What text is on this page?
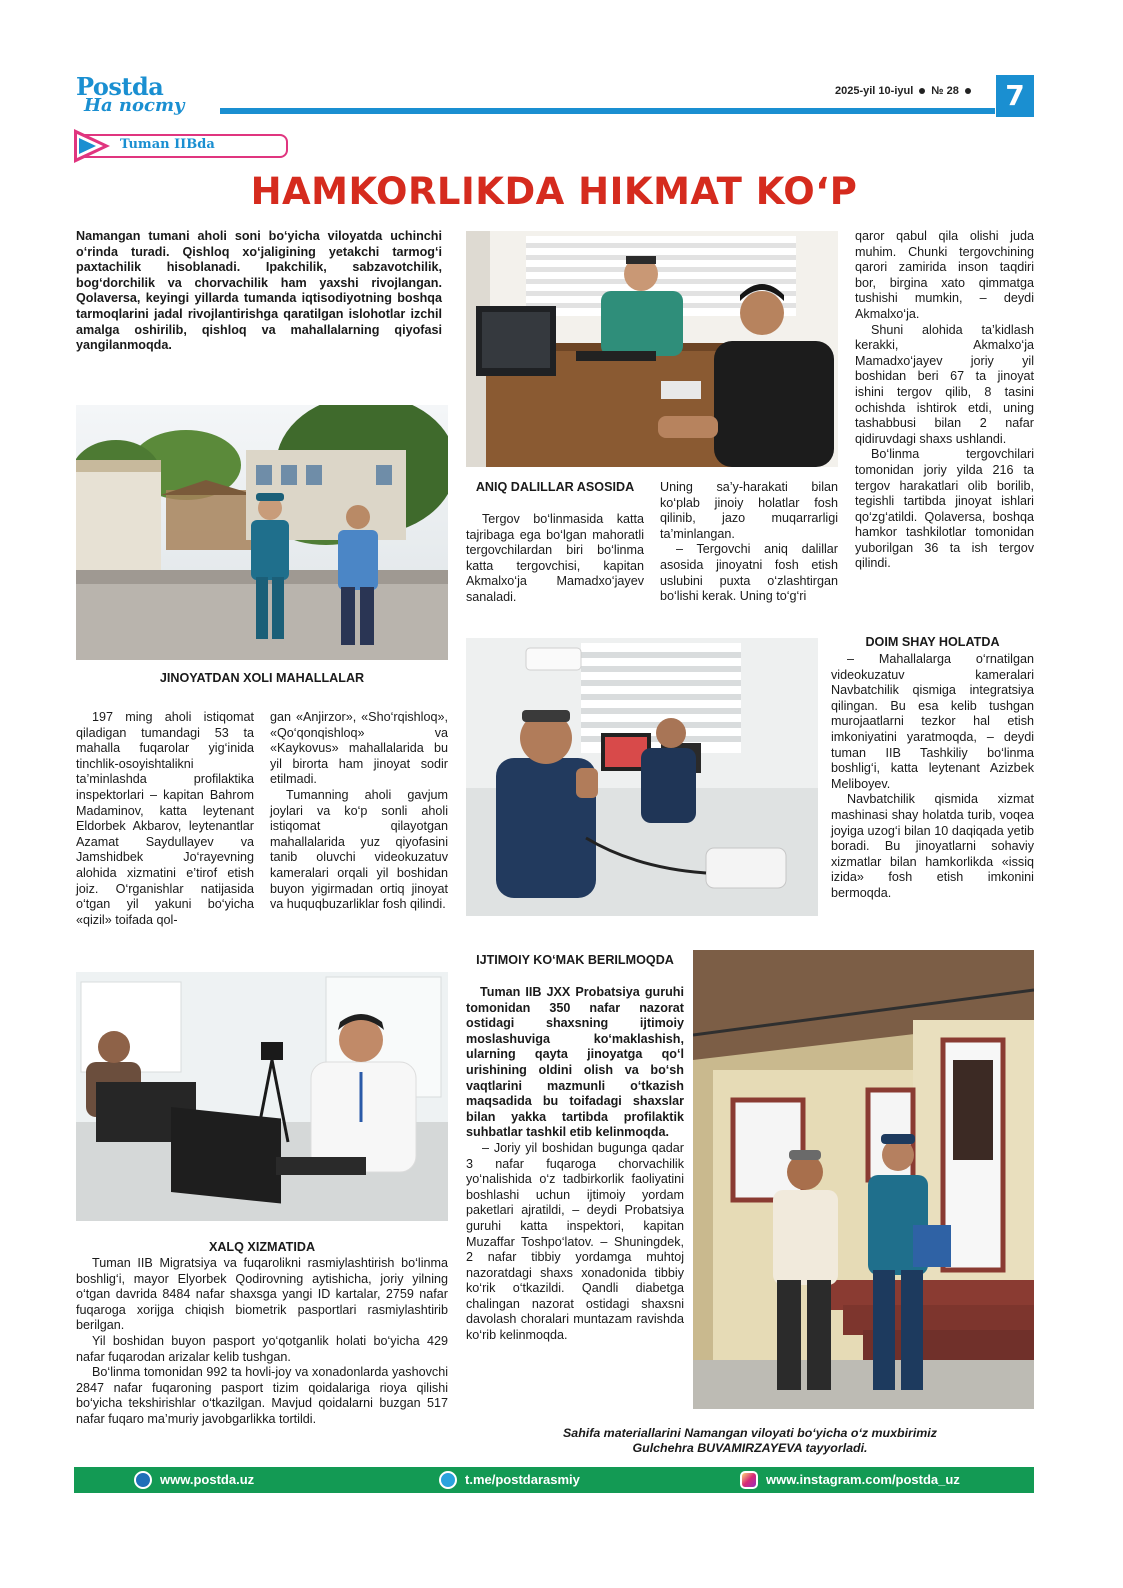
Postda
На посту
2025-yil 10-iyul № 28	7
Tuman IIBda
HAMKORLIKDA HIKMAT KO‘P
Namangan tumani aholi soni bo‘yicha viloyatda uchinchi o‘rinda turadi. Qishloq xo‘jaligining yetakchi tarmog‘i paxtachilik hisoblanadi. Ipakchilik, sabzavotchilik, bog‘dorchilik va chorvachilik ham yaxshi rivojlangan. Qolaversa, keyingi yillarda tumanda iqtisodiyotning boshqa tarmoqlarini jadal rivojlantirishga qaratilgan islohotlar izchil amalga oshirilib, qishloq va mahallalarning qiyofasi yangilanmoqda.
ANIQ DALILLAR ASOSIDA

Tergov bo‘linmasida katta tajribaga ega bo‘lgan mahoratli tergovchilardan biri bo‘linma katta tergovchisi, kapitan Akmalxo‘ja Mamadxo‘jayev sanaladi.

Uning sa’y-harakati bilan ko‘plab jinoiy holatlar fosh qilinib, jazo muqarrarligi ta’minlangan.

– Tergovchi aniq dalillar asosida jinoyatni fosh etish uslubini puxta o‘zlashtirgan bo‘lishi kerak. Uning to‘g‘ri

qaror qabul qila olishi juda muhim. Chunki tergovchining qarori zamirida inson taqdiri bor, birgina xato qimmatga tushishi mumkin, – deydi Akmalxo‘ja.

Shuni alohida ta’kidlash kerakki, Akmalxo‘ja Mamadxo‘jayev joriy yil boshidan beri 67 ta jinoyat ishini tergov qilib, 8 tasini ochishda ishtirok etdi, uning tashabbusi bilan 2 nafar qidiruvdagi shaxs ushlandi.

Bo‘linma tergovchilari tomonidan joriy yilda 216 ta tergov harakatlari olib borilib, tegishli tartibda jinoyat ishlari qo‘zg‘atildi. Qolaversa, boshqa hamkor tashkilotlar tomonidan yuborilgan 36 ta ish tergov qilindi.

JINOYATDAN XOLI MAHALLALAR

197 ming aholi istiqomat qiladigan tumandagi 53 ta mahalla fuqarolar yig‘inida tinchlik-osoyishtalikni ta’minlashda profilaktika inspektorlari – kapitan Bahrom Madaminov, katta leytenant Eldorbek Akbarov, leytenantlar Azamat Saydullayev va Jamshidbek Jo‘rayevning alohida xizmatini e’tirof etish joiz. O‘rganishlar natijasida o‘tgan yil yakuni bo‘yicha «qizil» toifada qol-

gan «Anjirzor», «Sho‘rqishloq», «Qo‘qonqishloq» va «Kaykovus» mahallalarida bu yil birorta ham jinoyat sodir etilmadi.

Tumanning aholi gavjum joylari va ko‘p sonli aholi istiqomat qilayotgan mahallalarida yuz qiyofasini tanib oluvchi videokuzatuv kameralari orqali yil boshidan buyon yigirmadan ortiq jinoyat va huquqbuzarliklar fosh qilindi.

DOIM SHAY HOLATDA

– Mahallalarga o‘rnatilgan videokuzatuv kameralari Navbatchilik qismiga integratsiya qilingan. Bu esa kelib tushgan murojaatlarni tezkor hal etish imkoniyatini yaratmoqda, – deydi tuman IIB Tashkiliy bo‘linma boshlig‘i, katta leytenant Azizbek Meliboyev.

Navbatchilik qismida xizmat mashinasi shay holatda turib, voqea joyiga uzog‘i bilan 10 daqiqada yetib boradi. Bu jinoyatlarni sohaviy xizmatlar bilan hamkorlikda «issiq izida» fosh etish imkonini bermoqda.

XALQ XIZMATIDA

Tuman IIB Migratsiya va fuqarolikni rasmiylashtirish bo‘linma boshlig‘i, mayor Elyorbek Qodirovning aytishicha, joriy yilning o‘tgan davrida 8484 nafar shaxsga yangi ID kartalar, 2759 nafar fuqaroga xorijga chiqish biometrik pasportlari rasmiylashtirib berilgan.

Yil boshidan buyon pasport yo‘qotganlik holati bo‘yicha 429 nafar fuqarodan arizalar kelib tushgan.

Bo‘linma tomonidan 992 ta hovli-joy va xonadonlarda yashovchi 2847 nafar fuqaroning pasport tizim qoidalariga rioya qilishi bo‘yicha tekshirishlar o‘tkazilgan. Mavjud qoidalarni buzgan 517 nafar fuqaro ma’muriy javobgarlikka tortildi.

IJTIMOIY KO‘MAK BERILMOQDA

Tuman IIB JXX Probatsiya guruhi tomonidan 350 nafar nazorat ostidagi shaxsning ijtimoiy moslashuviga ko‘maklashish, ularning qayta jinoyatga qo‘l urishining oldini olish va bo‘sh vaqtlarini mazmunli o‘tkazish maqsadida bu toifadagi shaxslar bilan yakka tartibda profilaktik suhbatlar tashkil etib kelinmoqda.

– Joriy yil boshidan bugunga qadar 3 nafar fuqaroga chorvachilik yo‘nalishida o‘z tadbirkorlik faoliyatini boshlashi uchun ijtimoiy yordam paketlari ajratildi, – deydi Probatsiya guruhi katta inspektori, kapitan Muzaffar Toshpo‘latov. – Shuningdek, 2 nafar tibbiy yordamga muhtoj nazoratdagi shaxs xonadonida tibbiy ko‘rik o‘tkazildi. Qandli diabetga chalingan nazorat ostidagi shaxsni davolash choralari muntazam ravishda ko‘rib kelinmoqda.

Sahifa materiallarini Namangan viloyati bo‘yicha o‘z muxbirimiz
Gulchehra BUVAMIRZAYEVA tayyorladi.
www.postda.uz	t.me/postdarasmiy	www.instagram.com/postda_uz
